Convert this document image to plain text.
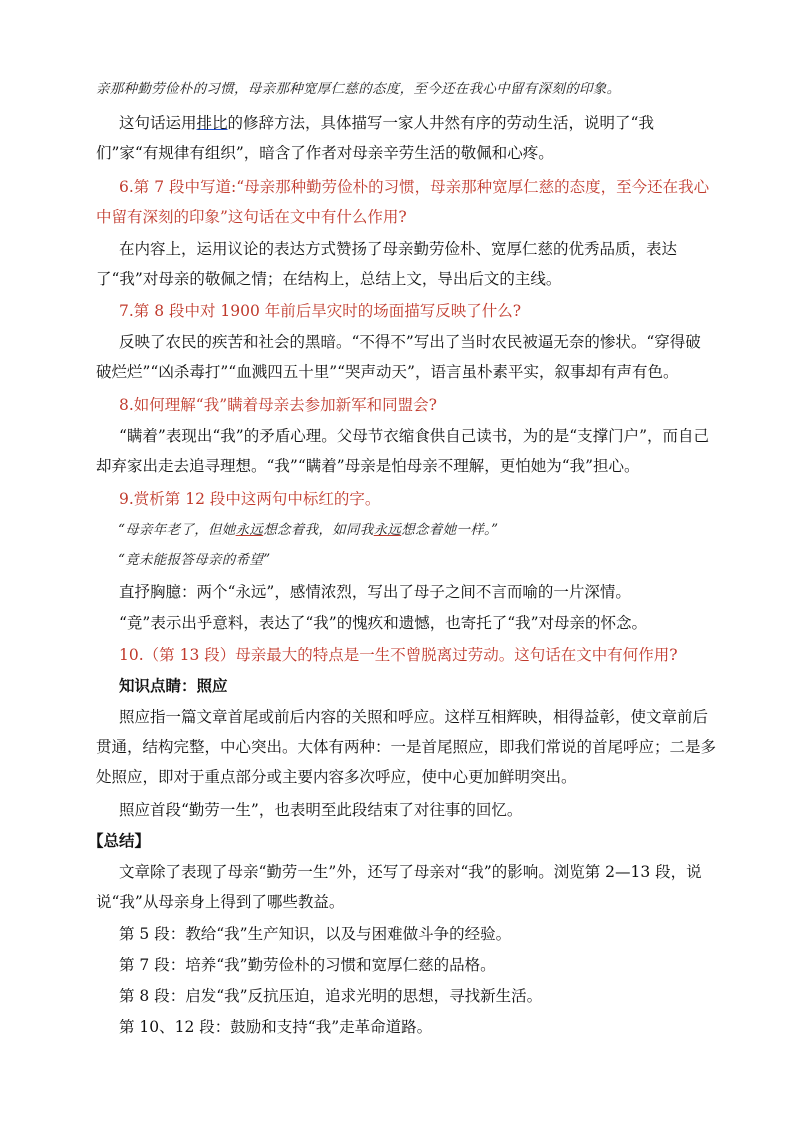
亲那种勤劳俭朴的习惯，母亲那种宽厚仁慈的态度，至今还在我心中留有深刻的印象。
这句话运用排比的修辞方法，具体描写一家人井然有序的劳动生活，说明了“我们”家“有规律有组织”，暗含了作者对母亲辛劳生活的敬佩和心疼。
6.第 7 段中写道:“母亲那种勤劳俭朴的习惯，母亲那种宽厚仁慈的态度，至今还在我心中留有深刻的印象”这句话在文中有什么作用?
在内容上，运用议论的表达方式赞扬了母亲勤劳俭朴、宽厚仁慈的优秀品质，表达了“我”对母亲的敬佩之情；在结构上，总结上文，导出后文的主线。
7.第 8 段中对 1900 年前后旱灾时的场面描写反映了什么?
反映了农民的疾苦和社会的黑暗。“不得不”写出了当时农民被逼无奈的惨状。“穿得破破烂烂”“凶杀毒打”“血溅四五十里”“哭声动天”，语言虽朴素平实，叙事却有声有色。
8.如何理解“我”瞒着母亲去参加新军和同盟会?
“瞒着”表现出“我”的矛盾心理。父母节衣缩食供自己读书，为的是“支撑门户”，而自己却弃家出走去追寻理想。“我”“瞒着”母亲是怕母亲不理解，更怕她为“我”担心。
9.赏析第 12 段中这两句中标红的字。
“母亲年老了，但她永远想念着我，如同我永远想念着她一样。”
“竟未能报答母亲的希望”
直抒胸臆：两个“永远”，感情浓烈，写出了母子之间不言而喻的一片深情。
“竟”表示出乎意料，表达了“我”的愧疚和遗憾，也寄托了“我”对母亲的怀念。
10.（第 13 段）母亲最大的特点是一生不曾脱离过劳动。这句话在文中有何作用?
知识点睛：照应
照应指一篇文章首尾或前后内容的关照和呼应。这样互相辉映，相得益彰，使文章前后贯通，结构完整，中心突出。大体有两种：一是首尾照应，即我们常说的首尾呼应；二是多处照应，即对于重点部分或主要内容多次呼应，使中心更加鲜明突出。
照应首段“勤劳一生”，也表明至此段结束了对往事的回忆。
【总结】
文章除了表现了母亲“勤劳一生”外，还写了母亲对“我”的影响。浏览第 2—13 段，说说“我”从母亲身上得到了哪些教益。
第 5 段：教给“我”生产知识，以及与困难做斗争的经验。
第 7 段：培养“我”勤劳俭朴的习惯和宽厚仁慈的品格。
第 8 段：启发“我”反抗压迫，追求光明的思想，寻找新生活。
第 10、12 段：鼓励和支持“我”走革命道路。
